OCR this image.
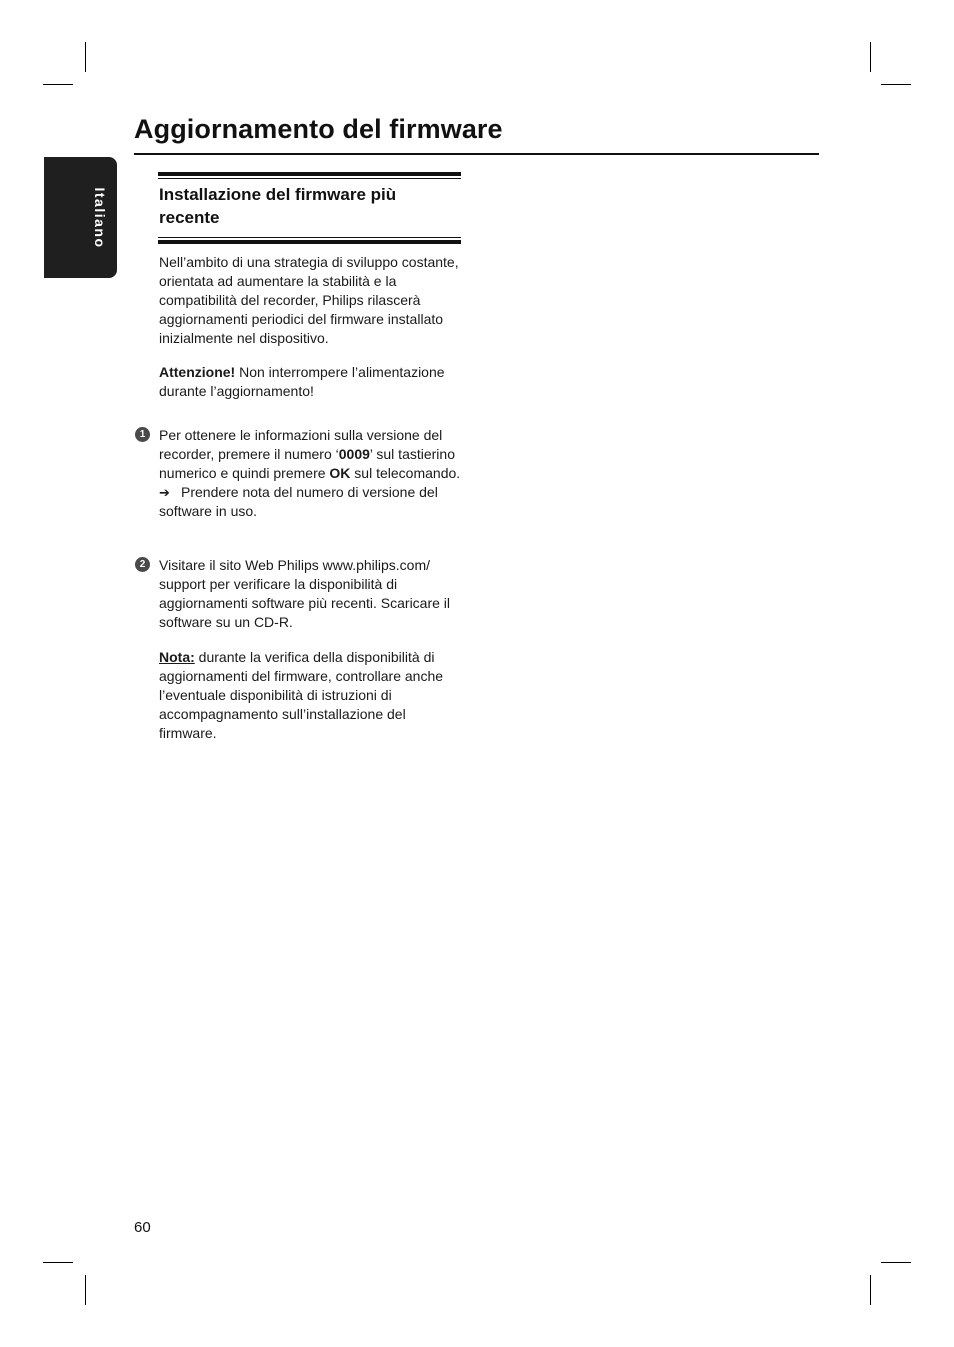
Aggiornamento del firmware
Italiano	Installazione del firmware più recente
Nell’ambito di una strategia di sviluppo costante, orientata ad aumentare la stabilità e la compatibilità del recorder, Philips rilascerà aggiornamenti periodici del firmware installato inizialmente nel dispositivo.
Attenzione! Non interrompere l’alimentazione durante l’aggiornamento!
1 Per ottenere le informazioni sulla versione del recorder, premere il numero ‘0009’ sul tastierino numerico e quindi premere OK sul telecomando.
➔ Prendere nota del numero di versione del software in uso.
2 Visitare il sito Web Philips www.philips.com/ support per verificare la disponibilità di aggiornamenti software più recenti. Scaricare il software su un CD-R.
Nota: durante la verifica della disponibilità di aggiornamenti del firmware, controllare anche l’eventuale disponibilità di istruzioni di accompagnamento sull’installazione del firmware.
60
